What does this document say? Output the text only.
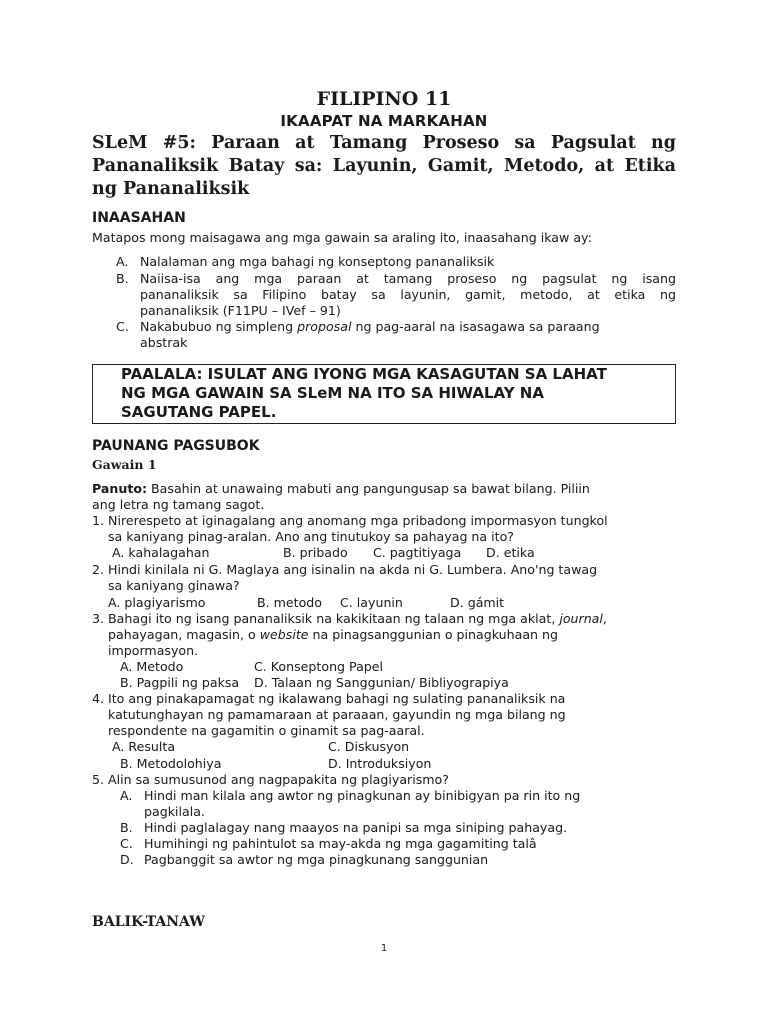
FILIPINO 11
IKAAPAT NA MARKAHAN
SLeM #5: Paraan at Tamang Proseso sa Pagsulat ng Pananaliksik Batay sa: Layunin, Gamit, Metodo, at Etika ng Pananaliksik
INAASAHAN
Matapos mong maisagawa ang mga gawain sa araling ito, inaasahang ikaw ay:
A. Nalalaman ang mga bahagi ng konseptong pananaliksik
B. Naiisa-isa ang mga paraan at tamang proseso ng pagsulat ng isang
pananaliksik sa Filipino batay sa layunin, gamit, metodo, at etika ng
pananaliksik (F11PU – IVef – 91)
C. Nakabubuo ng simpleng proposal ng pag-aaral na isasagawa sa paraang
abstrak
PAALALA: ISULAT ANG IYONG MGA KASAGUTAN SA LAHAT
NG MGA GAWAIN SA SLeM NA ITO SA HIWALAY NA
SAGUTANG PAPEL.
PAUNANG PAGSUBOK
Gawain 1
Panuto: Basahin at unawaing mabuti ang pangungusap sa bawat bilang. Piliin
ang letra ng tamang sagot.
1. Nirerespeto at iginagalang ang anomang mga pribadong impormasyon tungkol
sa kaniyang pinag-aralan. Ano ang tinutukoy sa pahayag na ito?
A. kahalagahan	B. pribado C. pagtitiyaga D. etika
2. Hindi kinilala ni G. Maglaya ang isinalin na akda ni G. Lumbera. Ano'ng tawag
sa kaniyang ginawa?
A. plagiyarismo	B. metodo C. layunin	D. gámit
3. Bahagi ito ng isang pananaliksik na kakikitaan ng talaan ng mga aklat, journal,
pahayagan, magasin, o website na pinagsanggunian o pinagkuhaan ng
impormasyon.
A. Metodo	C. Konseptong Papel
B. Pagpili ng paksa D. Talaan ng Sanggunian/ Bibliyograpiya
4. Ito ang pinakapamagat ng ikalawang bahagi ng sulating pananaliksik na
katutunghayan ng pamamaraan at paraaan, gayundin ng mga bilang ng
respondente na gagamitin o ginamit sa pag-aaral.
A. Resulta	C. Diskusyon
B. Metodolohiya	D. Introduksiyon
5. Alin sa sumusunod ang nagpapakita ng plagiyarismo?
A. Hindi man kilala ang awtor ng pinagkunan ay binibigyan pa rin ito ng
pagkilala.
B. Hindi paglalagay nang maayos na panipi sa mga siniping pahayag.
C. Humihingi ng pahintulot sa may-akda ng mga gagamiting talâ
D. Pagbanggit sa awtor ng mga pinagkunang sanggunian
BALIK-TANAW
1
